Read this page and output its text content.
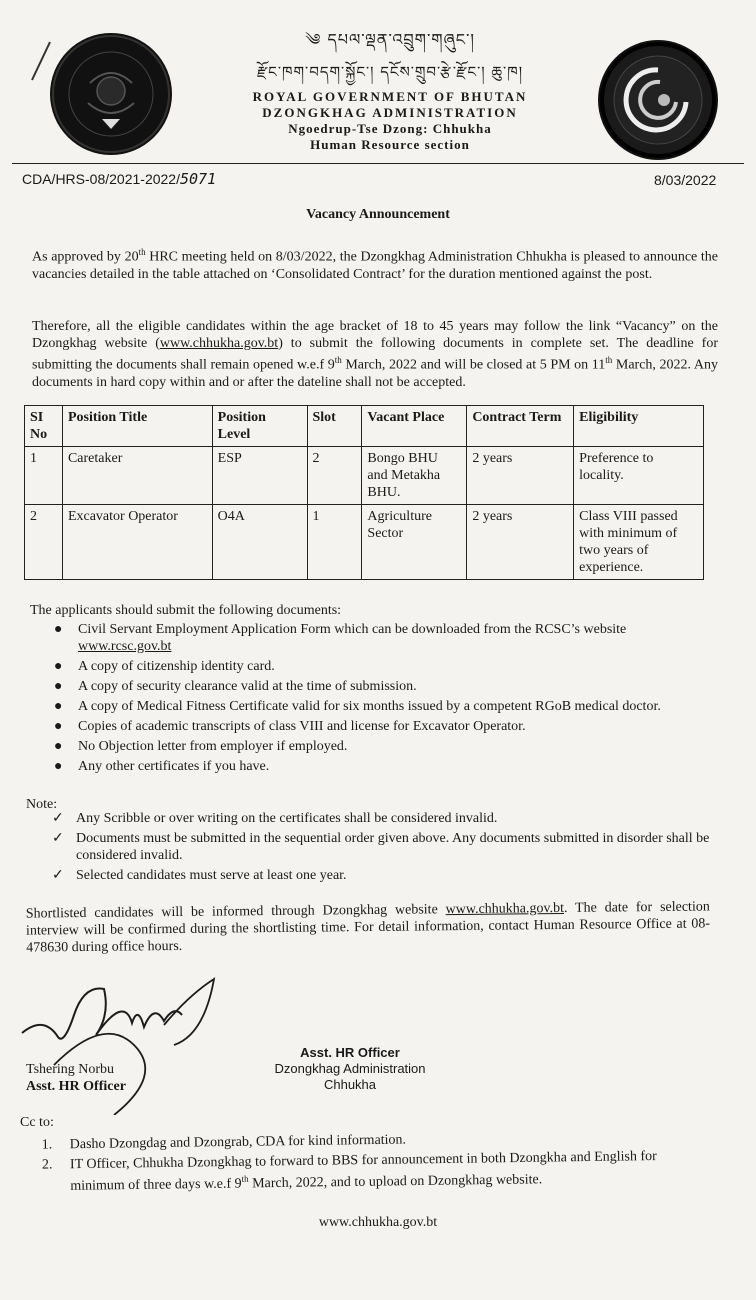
༄ དཔལ་ལྡན་འབྲུག་གཞུང་།
རྫོང་ཁག་བདག་སྐྱོང་། དངོས་གྲུབ་རྩེ་རྫོང་། ཆུ་ཁ།
ROYAL GOVERNMENT OF BHUTAN
DZONGKHAG ADMINISTRATION
Ngoedrup-Tse Dzong: Chhukha
Human Resource section
CDA/HRS-08/2021-2022/5071	8/03/2022
Vacancy Announcement
As approved by 20th HRC meeting held on 8/03/2022, the Dzongkhag Administration Chhukha is pleased to announce the vacancies detailed in the table attached on ‘Consolidated Contract’ for the duration mentioned against the post.
Therefore, all the eligible candidates within the age bracket of 18 to 45 years may follow the link “Vacancy” on the Dzongkhag website (www.chhukha.gov.bt) to submit the following documents in complete set. The deadline for submitting the documents shall remain opened w.e.f 9th March, 2022 and will be closed at 5 PM on 11th March, 2022. Any documents in hard copy within and or after the dateline shall not be accepted.
SI No	Position Title	Position Level	Slot	Vacant Place	Contract Term	Eligibility
1	Caretaker	ESP	2	Bongo BHU and Metakha BHU.	2 years	Preference to locality.
2	Excavator Operator	O4A	1	Agriculture Sector	2 years	Class VIII passed with minimum of two years of experience.
The applicants should submit the following documents:
● Civil Servant Employment Application Form which can be downloaded from the RCSC’s website www.rcsc.gov.bt
● A copy of citizenship identity card.
● A copy of security clearance valid at the time of submission.
● A copy of Medical Fitness Certificate valid for six months issued by a competent RGoB medical doctor.
● Copies of academic transcripts of class VIII and license for Excavator Operator.
● No Objection letter from employer if employed.
● Any other certificates if you have.
Note:
✓ Any Scribble or over writing on the certificates shall be considered invalid.
✓ Documents must be submitted in the sequential order given above. Any documents submitted in disorder shall be considered invalid.
✓ Selected candidates must serve at least one year.
Shortlisted candidates will be informed through Dzongkhag website www.chhukha.gov.bt. The date for selection interview will be confirmed during the shortlisting time. For detail information, contact Human Resource Office at 08-478630 during office hours.
Tshering Norbu
Asst. HR Officer
Asst. HR Officer
Dzongkhag Administration
Chhukha
Cc to:
1. Dasho Dzongdag and Dzongrab, CDA for kind information.
2. IT Officer, Chhukha Dzongkhag to forward to BBS for announcement in both Dzongkha and English for minimum of three days w.e.f 9th March, 2022, and to upload on Dzongkhag website.
www.chhukha.gov.bt
